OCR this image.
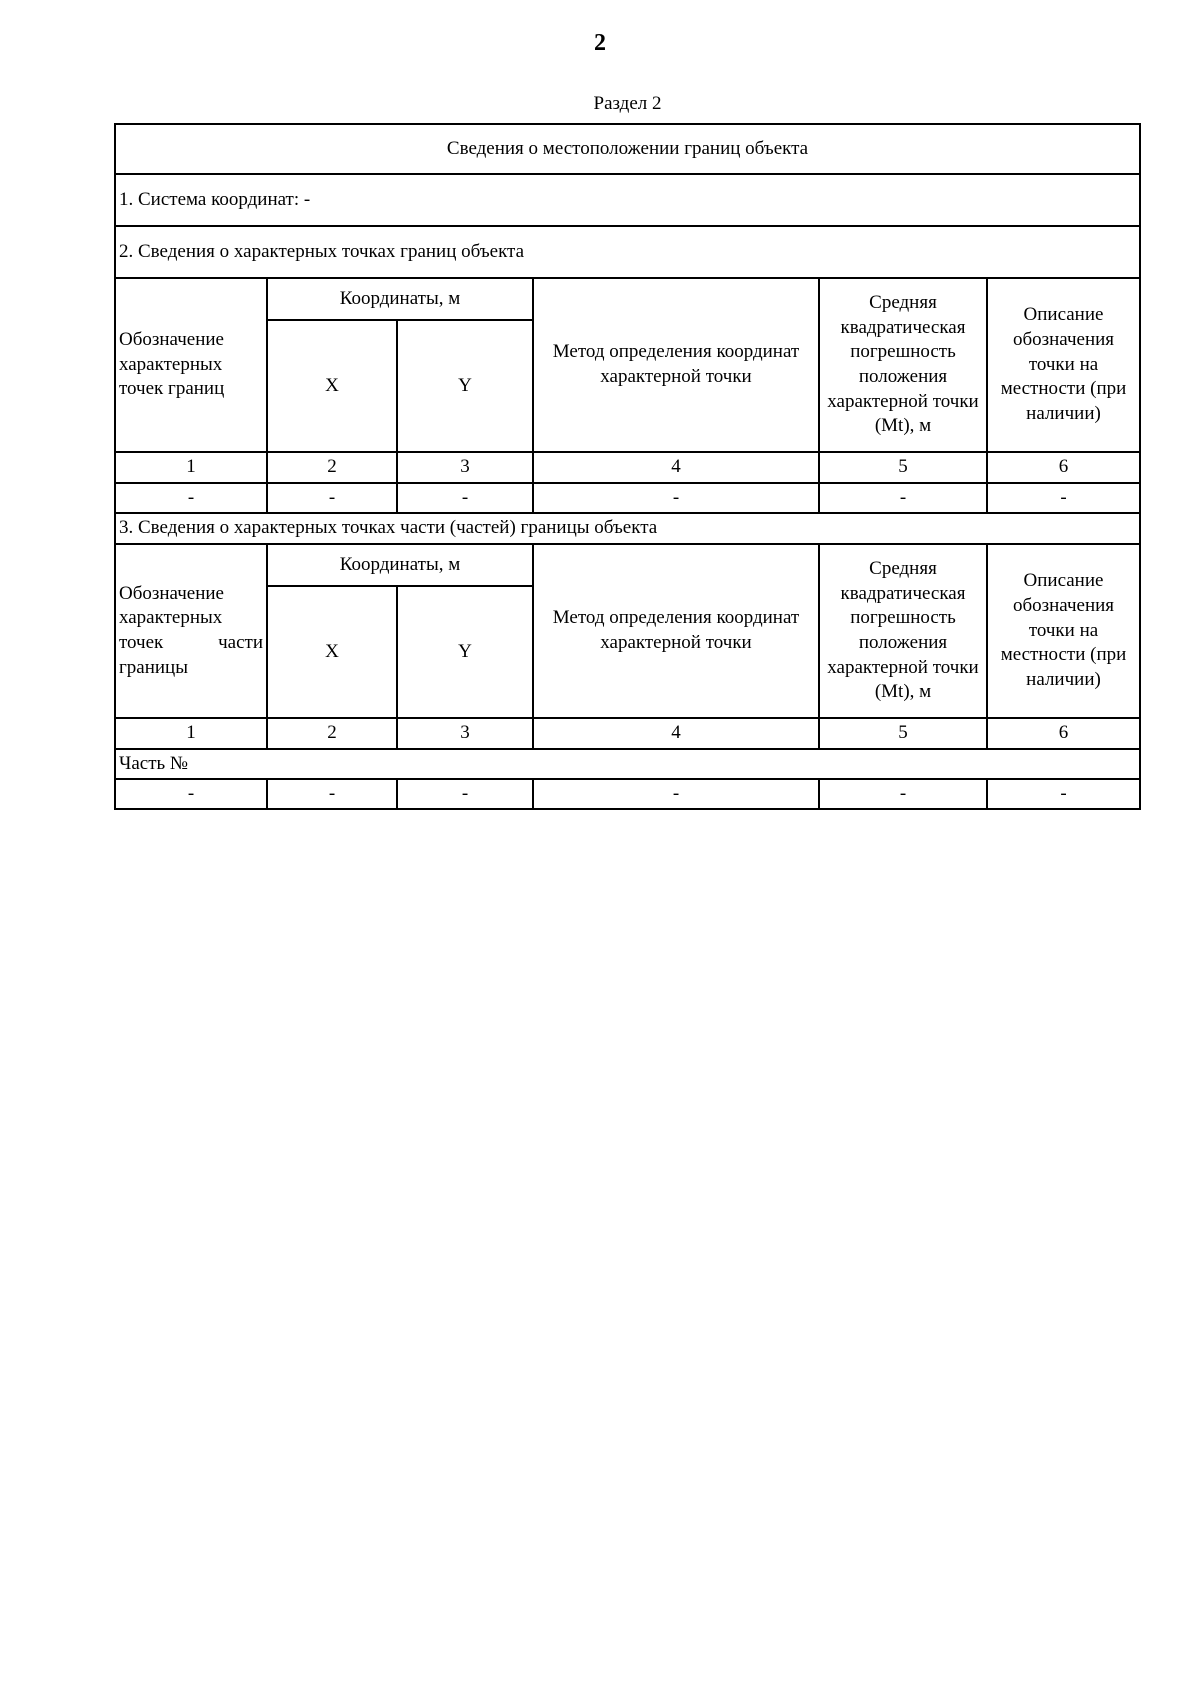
2
Раздел 2
Сведения о местоположении границ объекта					
1. Система координат: -					
2. Сведения о характерных точках границ объекта					
Обозначение характерных точек границ	Координаты, м		Метод определения координат характерной точки	Средняя квадратическая погрешность положения характерной точки (Mt), м	Описание обозначения точки на местности (при наличии)
	X	Y			
1	2	3	4	5	6
-	-	-	-	-	-
3. Сведения о характерных точках части (частей) границы объекта					

Обозначение
характерных
точек части
границы	Координаты, м		Метод определения координат характерной точки	Средняя квадратическая погрешность положения характерной точки (Mt), м	Описание обозначения точки на местности (при наличии)
	X	Y			
1	2	3	4	5	6
Часть №					
-	-	-	-	-	-
